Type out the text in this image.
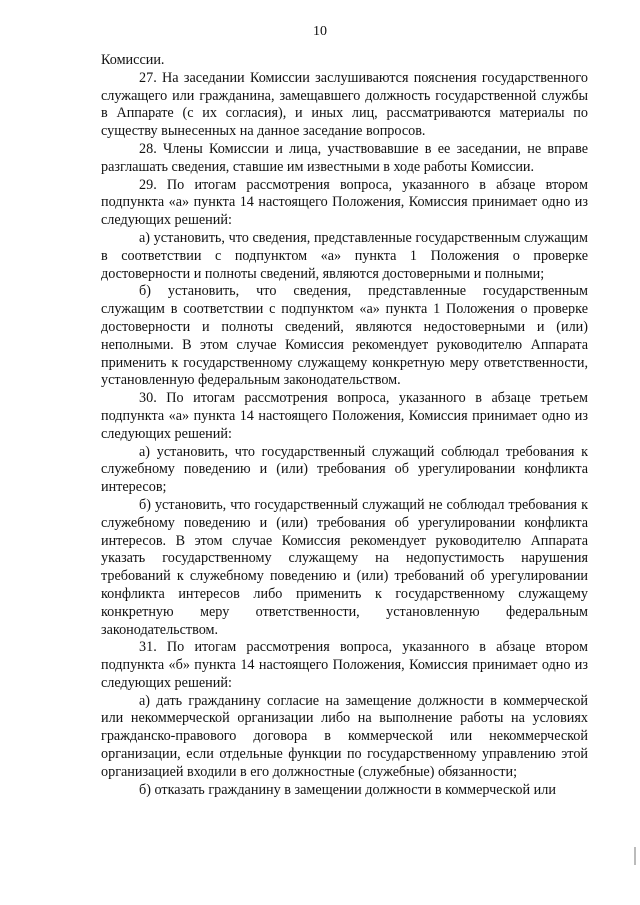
10

Комиссии.

27. На заседании Комиссии заслушиваются пояснения государственного служащего или гражданина, замещавшего должность государственной службы в Аппарате (с их согласия), и иных лиц, рассматриваются материалы по существу вынесенных на данное заседание вопросов.

28. Члены Комиссии и лица, участвовавшие в ее заседании, не вправе разглашать сведения, ставшие им известными в ходе работы Комиссии.

29. По итогам рассмотрения вопроса, указанного в абзаце втором подпункта «а» пункта 14 настоящего Положения, Комиссия принимает одно из следующих решений:

а) установить, что сведения, представленные государственным служащим в соответствии с подпунктом «а» пункта 1 Положения о проверке достоверности и полноты сведений, являются достоверными и полными;

б) установить, что сведения, представленные государственным служащим в соответствии с подпунктом «а» пункта 1 Положения о проверке достоверности и полноты сведений, являются недостоверными и (или) неполными. В этом случае Комиссия рекомендует руководителю Аппарата применить к государственному служащему конкретную меру ответственности, установленную федеральным законодательством.

30. По итогам рассмотрения вопроса, указанного в абзаце третьем подпункта «а» пункта 14 настоящего Положения, Комиссия принимает одно из следующих решений:

а) установить, что государственный служащий соблюдал требования к служебному поведению и (или) требования об урегулировании конфликта интересов;

б) установить, что государственный служащий не соблюдал требования к служебному поведению и (или) требования об урегулировании конфликта интересов. В этом случае Комиссия рекомендует руководителю Аппарата указать государственному служащему на недопустимость нарушения требований к служебному поведению и (или) требований об урегулировании конфликта интересов либо применить к государственному служащему конкретную меру ответственности, установленную федеральным законодательством.

31. По итогам рассмотрения вопроса, указанного в абзаце втором подпункта «б» пункта 14 настоящего Положения, Комиссия принимает одно из следующих решений:

а) дать гражданину согласие на замещение должности в коммерческой или некоммерческой организации либо на выполнение работы на условиях гражданско-правового договора в коммерческой или некоммерческой организации, если отдельные функции по государственному управлению этой организацией входили в его должностные (служебные) обязанности;

б) отказать гражданину в замещении должности в коммерческой или
